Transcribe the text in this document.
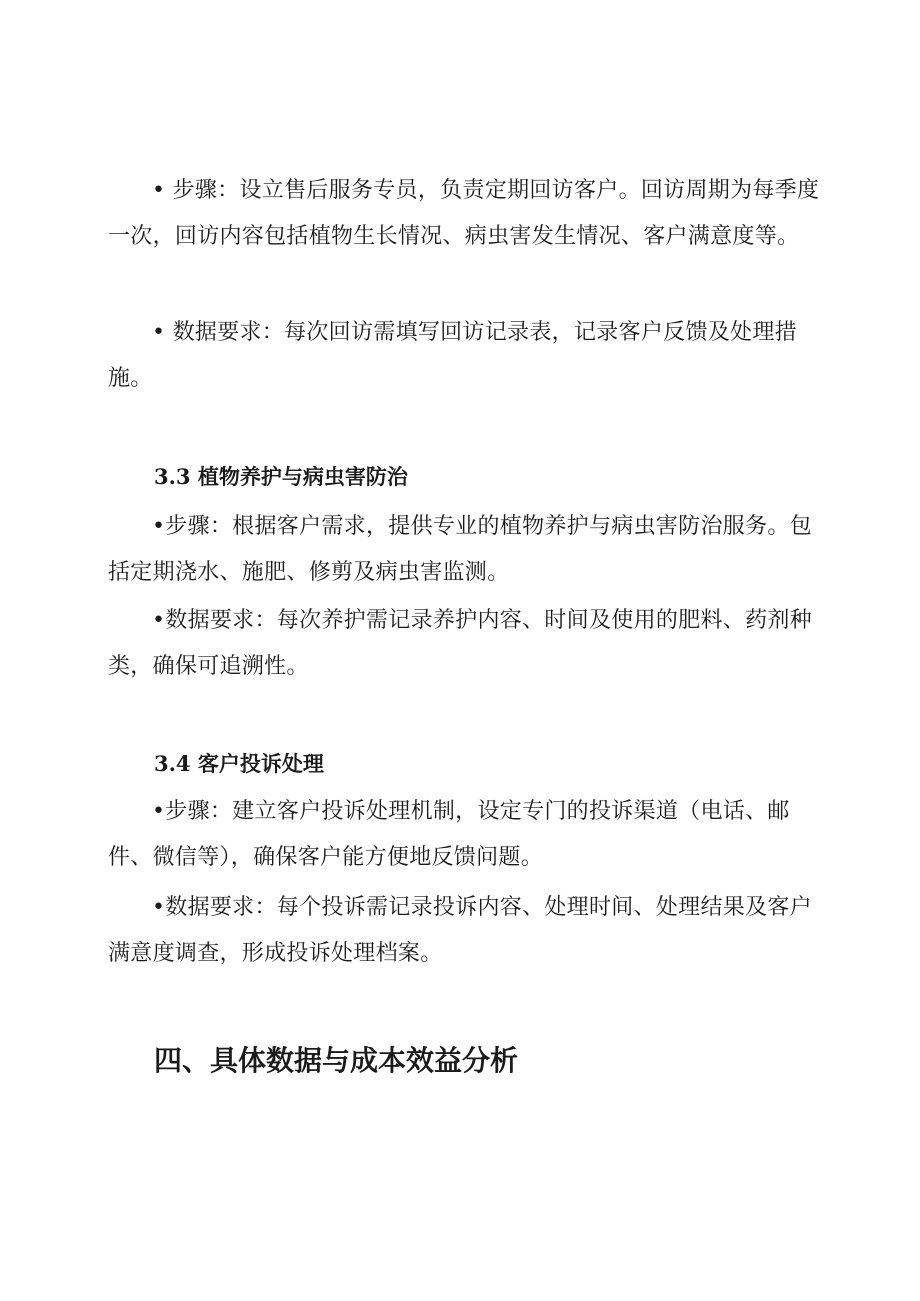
• 步骤：设立售后服务专员，负责定期回访客户。回访周期为每季度一次，回访内容包括植物生长情况、病虫害发生情况、客户满意度等。

• 数据要求：每次回访需填写回访记录表，记录客户反馈及处理措施。

3.3 植物养护与病虫害防治

•步骤：根据客户需求，提供专业的植物养护与病虫害防治服务。包括定期浇水、施肥、修剪及病虫害监测。

•数据要求：每次养护需记录养护内容、时间及使用的肥料、药剂种类，确保可追溯性。

3.4 客户投诉处理

•步骤：建立客户投诉处理机制，设定专门的投诉渠道（电话、邮件、微信等），确保客户能方便地反馈问题。

•数据要求：每个投诉需记录投诉内容、处理时间、处理结果及客户满意度调查，形成投诉处理档案。

四、具体数据与成本效益分析
